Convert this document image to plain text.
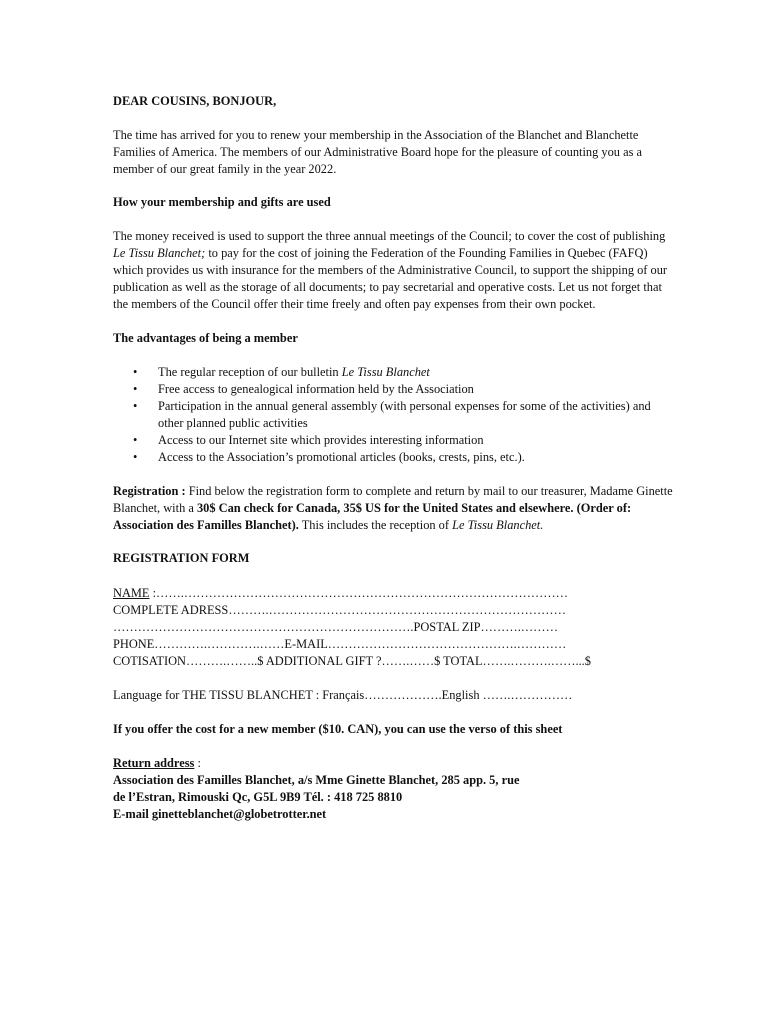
DEAR COUSINS, BONJOUR,

The time has arrived for you to renew your membership in the Association of the Blanchet and Blanchette Families of America. The members of our Administrative Board hope for the pleasure of counting you as a member of our great family in the year 2022.

How your membership and gifts are used

The money received is used to support the three annual meetings of the Council; to cover the cost of publishing Le Tissu Blanchet; to pay for the cost of joining the Federation of the Founding Families in Quebec (FAFQ) which provides us with insurance for the members of the Administrative Council, to support the shipping of our publication as well as the storage of all documents; to pay secretarial and operative costs. Let us not forget that the members of the Council offer their time freely and often pay expenses from their own pocket.

The advantages of being a member

• The regular reception of our bulletin Le Tissu Blanchet
• Free access to genealogical information held by the Association
• Participation in the annual general assembly (with personal expenses for some of the activities) and other planned public activities
• Access to our Internet site which provides interesting information
• Access to the Association’s promotional articles (books, crests, pins, etc.).

Registration : Find below the registration form to complete and return by mail to our treasurer, Madame Ginette Blanchet, with a 30$ Can check for Canada, 35$ US for the United States and elsewhere. (Order of: Association des Familles Blanchet). This includes the reception of Le Tissu Blanchet.

REGISTRATION FORM

NAME :…….…………………………………………………………………………………
COMPLETE ADRESS……….………………………………………………………………
……………………………………………………………….POSTAL ZIP……….………
PHONE………….………….……E-MAIL……………………………………….…………
COTISATION……….……..$ ADDITIONAL GIFT ?…….……$ TOTAL…….……….……...$

Language for THE TISSU BLANCHET : Français……………….English …….……………

If you offer the cost for a new member ($10. CAN), you can use the verso of this sheet

Return address :

Association des Familles Blanchet, a/s Mme Ginette Blanchet, 285 app. 5, rue

de l’Estran, Rimouski Qc, G5L 9B9 Tél. : 418 725 8810

E-mail ginetteblanchet@globetrotter.net
